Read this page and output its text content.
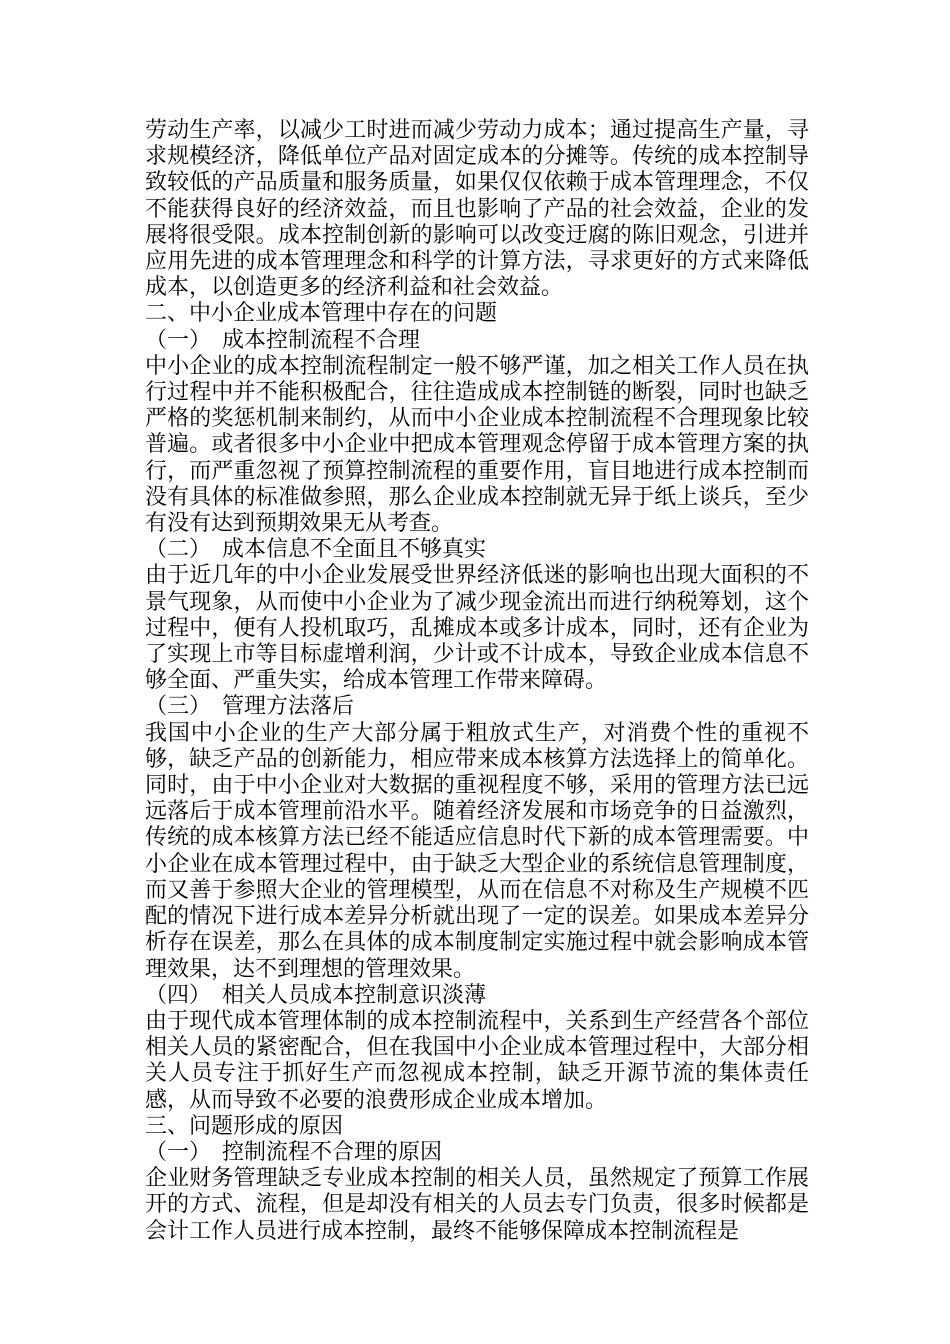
劳动生产率，以减少工时进而减少劳动力成本；通过提高生产量，寻求规模经济，降低单位产品对固定成本的分摊等。传统的成本控制导致较低的产品质量和服务质量，如果仅仅依赖于成本管理理念，不仅不能获得良好的经济效益，而且也影响了产品的社会效益，企业的发展将很受限。成本控制创新的影响可以改变迂腐的陈旧观念，引进并应用先进的成本管理理念和科学的计算方法，寻求更好的方式来降低成本，以创造更多的经济利益和社会效益。

二、中小企业成本管理中存在的问题

（一）　成本控制流程不合理

中小企业的成本控制流程制定一般不够严谨，加之相关工作人员在执行过程中并不能积极配合，往往造成成本控制链的断裂，同时也缺乏严格的奖惩机制来制约，从而中小企业成本控制流程不合理现象比较普遍。或者很多中小企业中把成本管理观念停留于成本管理方案的执行，而严重忽视了预算控制流程的重要作用，盲目地进行成本控制而没有具体的标准做参照，那么企业成本控制就无异于纸上谈兵，至少有没有达到预期效果无从考查。

（二）　成本信息不全面且不够真实

由于近几年的中小企业发展受世界经济低迷的影响也出现大面积的不景气现象，从而使中小企业为了减少现金流出而进行纳税筹划，这个过程中，便有人投机取巧，乱摊成本或多计成本，同时，还有企业为了实现上市等目标虚增利润，少计或不计成本，导致企业成本信息不够全面、严重失实，给成本管理工作带来障碍。

（三）　管理方法落后

我国中小企业的生产大部分属于粗放式生产，对消费个性的重视不够，缺乏产品的创新能力，相应带来成本核算方法选择上的简单化。同时，由于中小企业对大数据的重视程度不够，采用的管理方法已远远落后于成本管理前沿水平。随着经济发展和市场竞争的日益激烈，传统的成本核算方法已经不能适应信息时代下新的成本管理需要。中小企业在成本管理过程中，由于缺乏大型企业的系统信息管理制度，而又善于参照大企业的管理模型，从而在信息不对称及生产规模不匹配的情况下进行成本差异分析就出现了一定的误差。如果成本差异分析存在误差，那么在具体的成本制度制定实施过程中就会影响成本管理效果，达不到理想的管理效果。

（四）　相关人员成本控制意识淡薄

由于现代成本管理体制的成本控制流程中，关系到生产经营各个部位相关人员的紧密配合，但在我国中小企业成本管理过程中，大部分相关人员专注于抓好生产而忽视成本控制，缺乏开源节流的集体责任感，从而导致不必要的浪费形成企业成本增加。

三、问题形成的原因

（一）　控制流程不合理的原因

企业财务管理缺乏专业成本控制的相关人员，虽然规定了预算工作展开的方式、流程，但是却没有相关的人员去专门负责，很多时候都是会计工作人员进行成本控制，最终不能够保障成本控制流程是
